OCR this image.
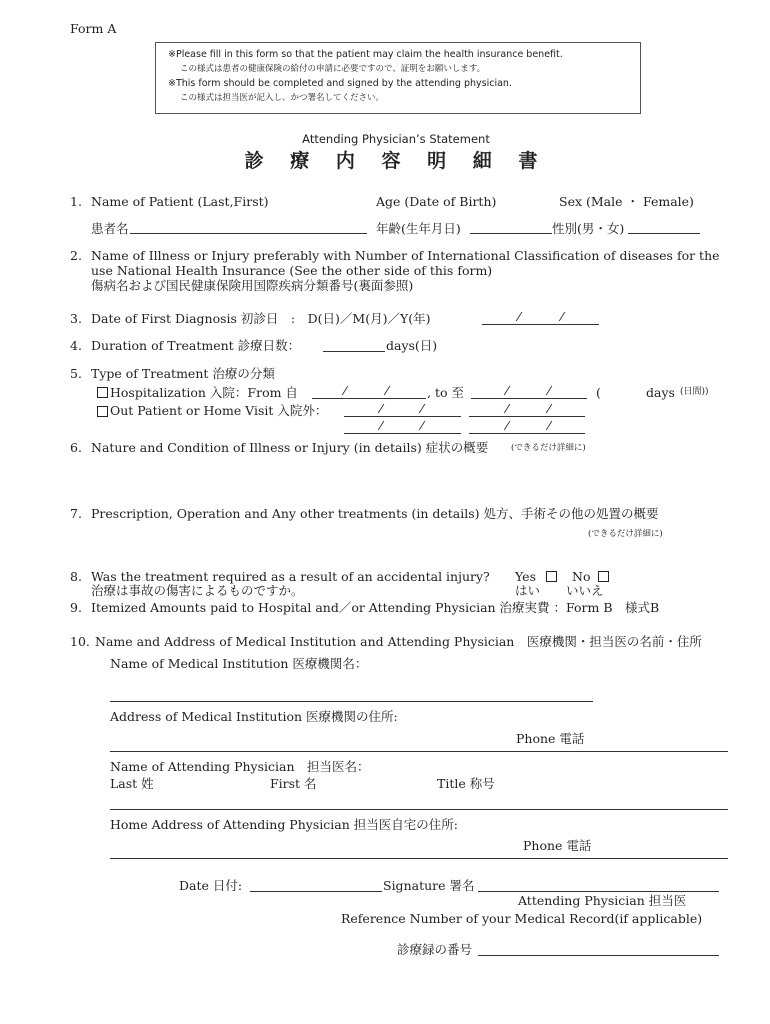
Form A
※Please fill in this form so that the patient may claim the health insurance benefit.
この様式は患者の健康保険の給付の申請に必要ですので、証明をお願いします。
※This form should be completed and signed by the attending physician.
この様式は担当医が記入し、かつ署名してください。
Attending Physician’s Statement
診 療 内 容 明 細 書
1. Name of Patient (Last,First)	Age (Date of Birth)	Sex (Male ・ Female)
患者名	年齢(生年月日)	性別(男・女)
2. Name of Illness or Injury preferably with Number of International Classification of diseases for the
use National Health Insurance (See the other side of this form)
傷病名および国民健康保険用国際疾病分類番号(裏面参照)
3. Date of First Diagnosis 初診日　:　D(日)／M(月)／Y(年)	⁄	⁄
4. Duration of Treatment 診療日数：	days(日)
5. Type of Treatment 治療の分類
Hospitalization 入院：From 自	⁄	⁄	, to 至	⁄	⁄	(	days (日間))
Out Patient or Home Visit 入院外：	⁄	⁄	⁄	⁄
⁄	⁄	⁄	⁄
6. Nature and Condition of Illness or Injury (in details) 症状の概要	(できるだけ詳細に)
7. Prescription, Operation and Any other treatments (in details) 処方、手術その他の処置の概要
(できるだけ詳細に)
8. Was the treatment required as a result of an accidental injury? Yes	No
治療は事故の傷害によるものですか。	はい いいえ
9. Itemized Amounts paid to Hospital and／or Attending Physician 治療実費 ：Form B　様式B
10. Name and Address of Medical Institution and Attending Physician　医療機関・担当医の名前・住所
Name of Medical Institution 医療機関名：
Address of Medical Institution 医療機関の住所:
Phone 電話
Name of Attending Physician　担当医名：
Last 姓	First 名	Title 称号
Home Address of Attending Physician 担当医自宅の住所:
Phone 電話
Date 日付:	Signature 署名
Attending Physician 担当医
Reference Number of your Medical Record(if applicable)
診療録の番号
